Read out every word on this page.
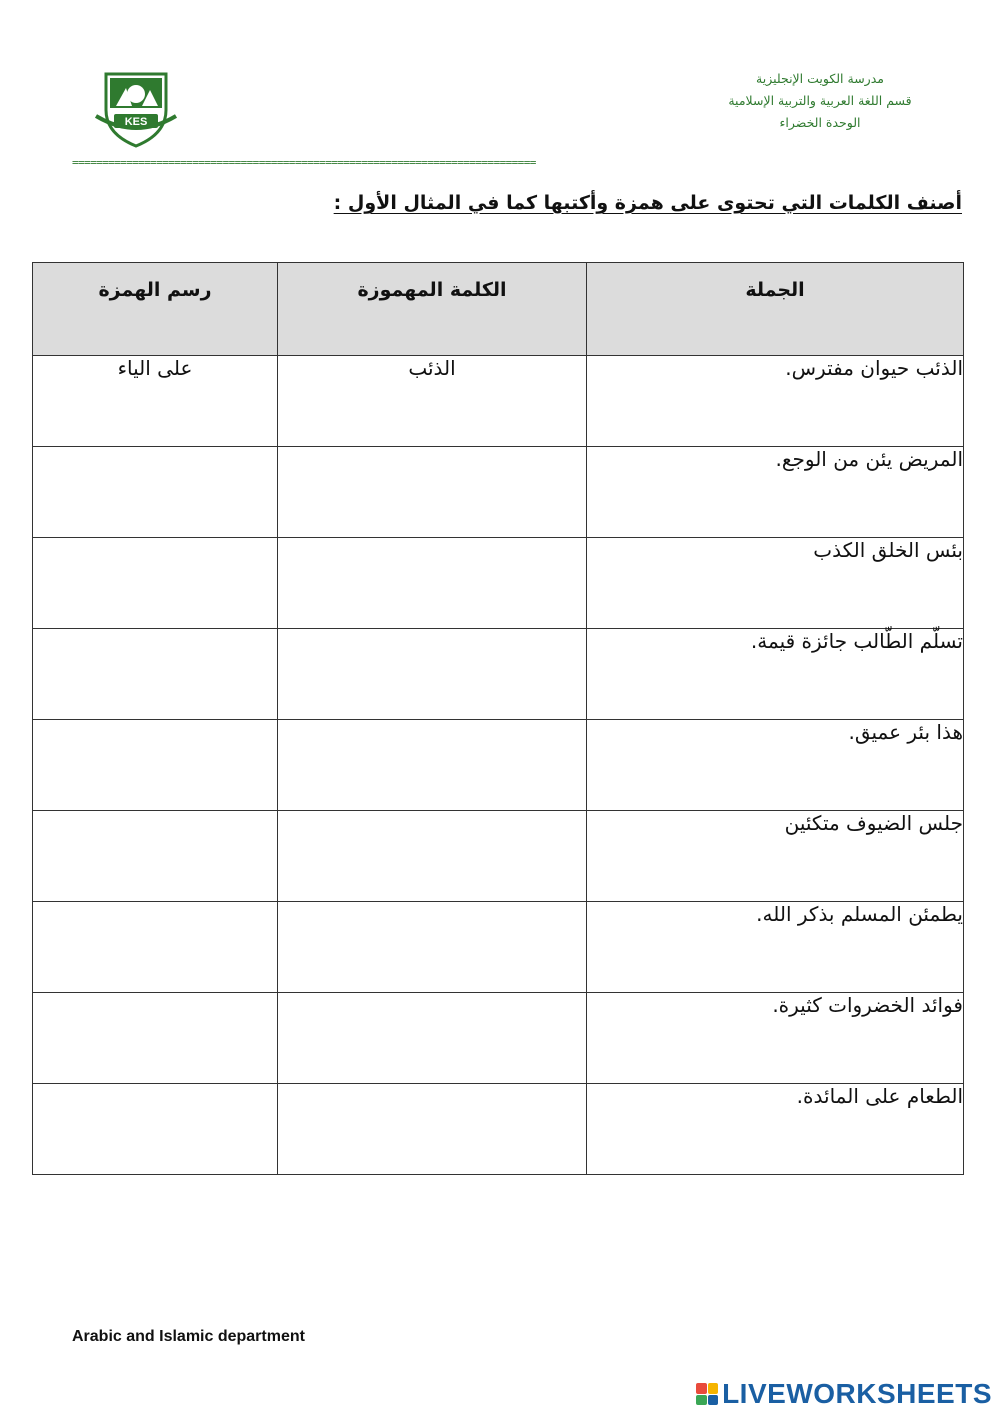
KES
THE AIM BEYOND SIGHT THE LIFE
مدرسة الكويت الإنجليزية
قسم اللغة العربية والتربية الإسلامية
الوحدة الخضراء
=============================================================================
أصنف الكلمات التي تحتوى على همزة وأكتبها كما في المثال الأول :
الجملة	الكلمة المهموزة	رسم الهمزة
الذئب حيوان مفترس.	الذئب	على الياء
المريض يئن من الوجع.		
بئس الخلق الكذب		
تسلّم الطّالب جائزة قيمة.		
هذا بئر عميق.		
جلس الضيوف متكئين		
يطمئن المسلم بذكر الله.		
فوائد الخضروات كثيرة.		
الطعام على المائدة.		
Arabic and Islamic department
LIVEWORKSHEETS
